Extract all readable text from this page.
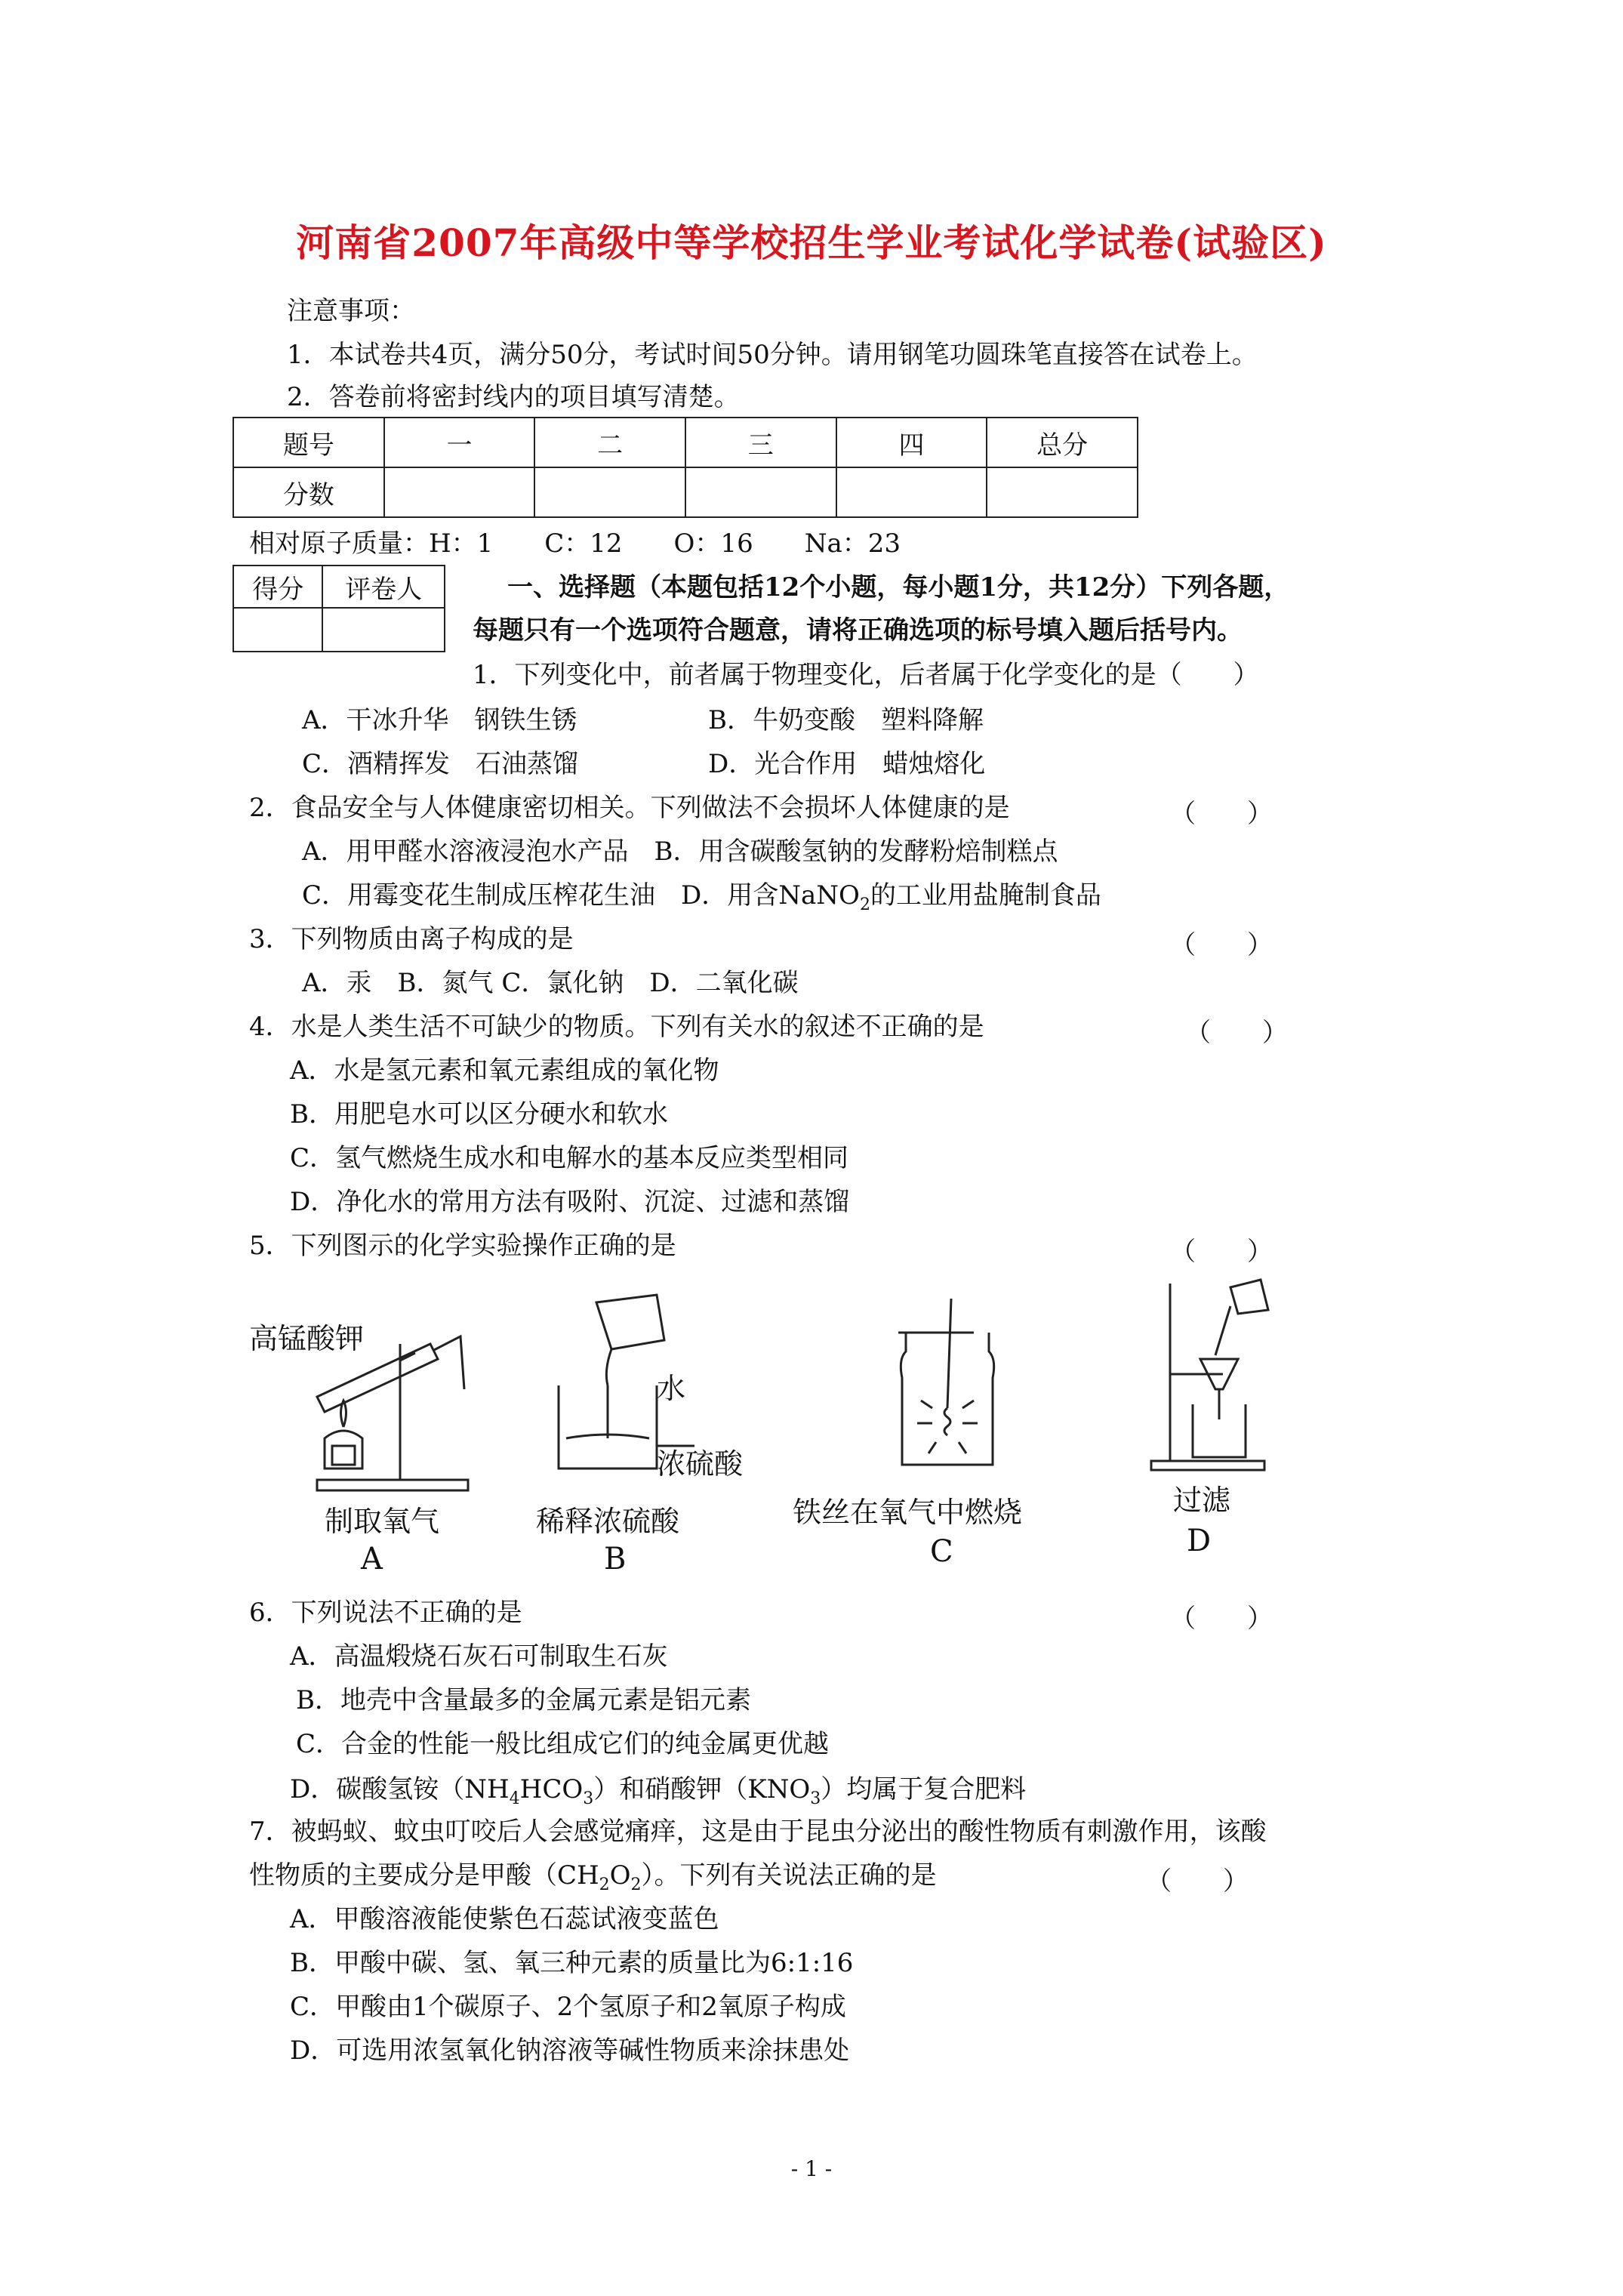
河南省2007年高级中等学校招生学业考试化学试卷(试验区)
注意事项：
1．本试卷共4页，满分50分，考试时间50分钟。请用钢笔功圆珠笔直接答在试卷上。
2．答卷前将密封线内的项目填写清楚。
题号	一	二	三	四	总分
分数					
相对原子质量：H：1　　C：12　　O：16　　Na：23
得分	评卷人
		一、选择题（本题包括12个小题，每小题1分，共12分）下列各题，
每题只有一个选项符合题意，请将正确选项的标号填入题后括号内。
1．下列变化中，前者属于物理变化，后者属于化学变化的是（　　）
A．干冰升华　钢铁生锈	B．牛奶变酸　塑料降解
C．酒精挥发　石油蒸馏	D．光合作用　蜡烛熔化
2．食品安全与人体健康密切相关。下列做法不会损坏人体健康的是	（　　）
A．用甲醛水溶液浸泡水产品　B．用含碳酸氢钠的发酵粉焙制糕点
C．用霉变花生制成压榨花生油　D．用含NaNO$_2$的工业用盐腌制食品
3．下列物质由离子构成的是	（　　）
A．汞　B．氮气 C．氯化钠　D．二氧化碳
4．水是人类生活不可缺少的物质。下列有关水的叙述不正确的是	（　　）
A．水是氢元素和氧元素组成的氧化物
B．用肥皂水可以区分硬水和软水
C．氢气燃烧生成水和电解水的基本反应类型相同
D．净化水的常用方法有吸附、沉淀、过滤和蒸馏
5．下列图示的化学实验操作正确的是	（　　）
高锰酸钾
制取氧气
A
水
浓硫酸
稀释浓硫酸
B
铁丝在氧气中燃烧
C
过滤
D
6．下列说法不正确的是	（　　）
A．高温煅烧石灰石可制取生石灰
B．地壳中含量最多的金属元素是铝元素
C．合金的性能一般比组成它们的纯金属更优越
D．碳酸氢铵$(NH_4HCO_3)$和硝酸钾$(KNO_3)$均属于复合肥料
7．被蚂蚁、蚊虫叮咬后人会感觉痛痒，这是由于昆虫分泌出的酸性物质有刺激作用，该酸
性物质的主要成分是甲酸$(CH_2O_2)$。下列有关说法正确的是	（　　）
A．甲酸溶液能使紫色石蕊试液变蓝色
B．甲酸中碳、氢、氧三种元素的质量比为6:1:16
C．甲酸由1个碳原子、2个氢原子和2氧原子构成
D．可选用浓氢氧化钠溶液等碱性物质来涂抹患处
- 1 -
